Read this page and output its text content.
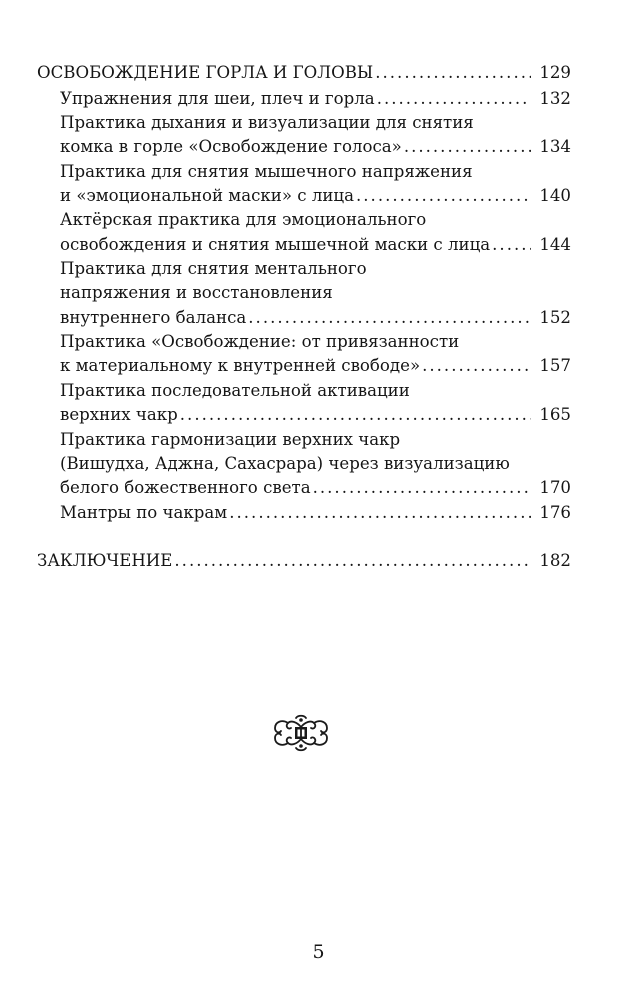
ОСВОБОЖДЕНИЕ ГОРЛА И ГОЛОВЫ .....	129
Упражнения для шеи, плеч и горла .....	132
Практика дыхания и визуализации для снятия
комка в горле «Освобождение голоса» .....	134
Практика для снятия мышечного напряжения
и «эмоциональной маски» с лица .....	140
Актёрская практика для эмоционального
освобождения и снятия мышечной маски с лица .....	144
Практика для снятия ментального
напряжения и восстановления
внутреннего баланса .....	152
Практика «Освобождение: от привязанности
к материальному к внутренней свободе» .....	157
Практика последовательной активации
верхних чакр .....	165
Практика гармонизации верхних чакр
(Вишудха, Аджна, Сахасрара) через визуализацию
белого божественного света .....	170
Мантры по чакрам .....	176
ЗАКЛЮЧЕНИЕ .....	182
5
